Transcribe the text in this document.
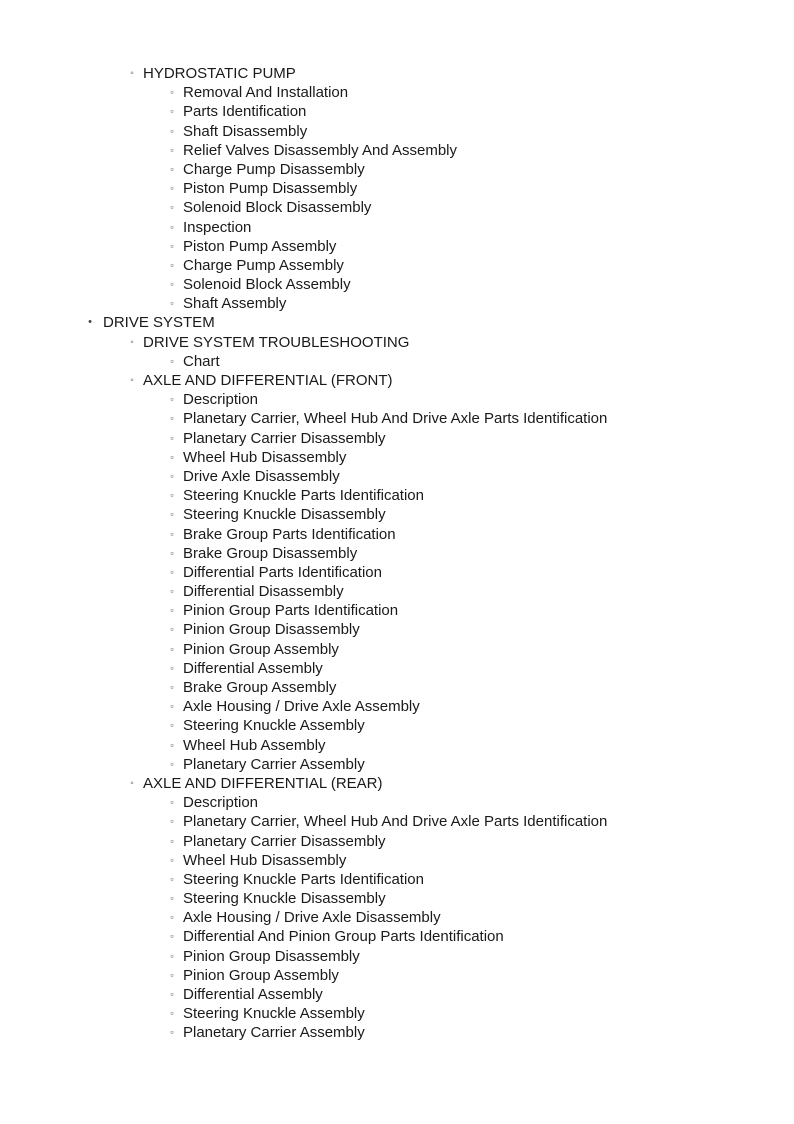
◦ HYDROSTATIC PUMP
▫ Removal And Installation
▫ Parts Identification
▫ Shaft Disassembly
▫ Relief Valves Disassembly And Assembly
▫ Charge Pump Disassembly
▫ Piston Pump Disassembly
▫ Solenoid Block Disassembly
▫ Inspection
▫ Piston Pump Assembly
▫ Charge Pump Assembly
▫ Solenoid Block Assembly
▫ Shaft Assembly
• DRIVE SYSTEM
◦ DRIVE SYSTEM TROUBLESHOOTING
▫ Chart
◦ AXLE AND DIFFERENTIAL (FRONT)
▫ Description
▫ Planetary Carrier, Wheel Hub And Drive Axle Parts Identification
▫ Planetary Carrier Disassembly
▫ Wheel Hub Disassembly
▫ Drive Axle Disassembly
▫ Steering Knuckle Parts Identification
▫ Steering Knuckle Disassembly
▫ Brake Group Parts Identification
▫ Brake Group Disassembly
▫ Differential Parts Identification
▫ Differential Disassembly
▫ Pinion Group Parts Identification
▫ Pinion Group Disassembly
▫ Pinion Group Assembly
▫ Differential Assembly
▫ Brake Group Assembly
▫ Axle Housing / Drive Axle Assembly
▫ Steering Knuckle Assembly
▫ Wheel Hub Assembly
▫ Planetary Carrier Assembly
◦ AXLE AND DIFFERENTIAL (REAR)
▫ Description
▫ Planetary Carrier, Wheel Hub And Drive Axle Parts Identification
▫ Planetary Carrier Disassembly
▫ Wheel Hub Disassembly
▫ Steering Knuckle Parts Identification
▫ Steering Knuckle Disassembly
▫ Axle Housing / Drive Axle Disassembly
▫ Differential And Pinion Group Parts Identification
▫ Pinion Group Disassembly
▫ Pinion Group Assembly
▫ Differential Assembly
▫ Steering Knuckle Assembly
▫ Planetary Carrier Assembly
